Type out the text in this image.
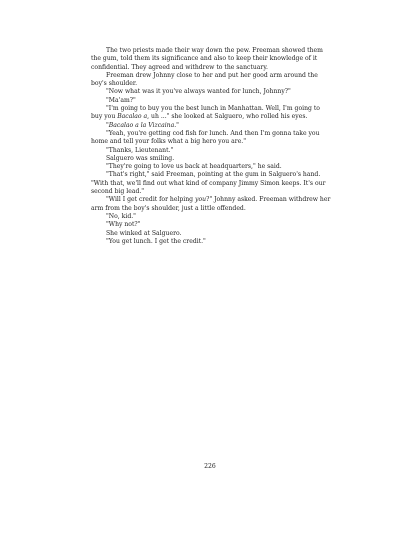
The two priests made their way down the pew. Freeman showed them the gum, told them its significance and also to keep their knowledge of it confidential. They agreed and withdrew to the sanctuary.

Freeman drew Johnny close to her and put her good arm around the boy's shoulder.

"Now what was it you've always wanted for lunch, Johnny?"

"Ma'am?"

"I'm going to buy you the best lunch in Manhattan. Well, I'm going to buy you Bacalao a, uh ..." she looked at Salguero, who rolled his eyes.

"Bacalao a la Vizcaina."

"Yeah, you're getting cod fish for lunch. And then I'm gonna take you home and tell your folks what a big hero you are."

"Thanks, Lieutenant."

Salguero was smiling.

"They're going to love us back at headquarters," he said.

"That's right," said Freeman, pointing at the gum in Salguero's hand. "With that, we'll find out what kind of company Jimmy Simon keeps. It's our second big lead."

"Will I get credit for helping you?" Johnny asked. Freeman withdrew her arm from the boy's shoulder, just a little offended.

"No, kid."

"Why not?"

She winked at Salguero.

"You get lunch. I get the credit."

226
